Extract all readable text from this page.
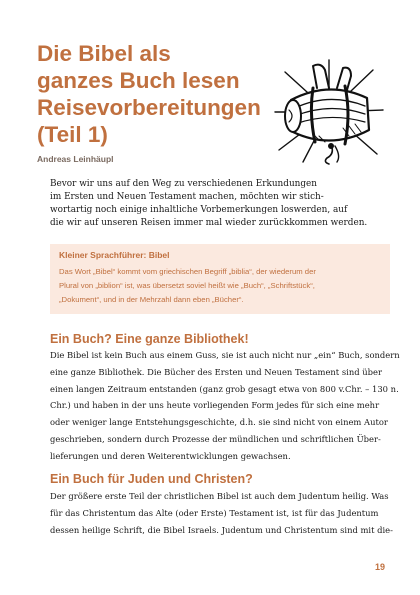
Die Bibel als
ganzes Buch lesen
Reisevorbereitungen
(Teil 1)

Andreas Leinhäupl

Bevor wir uns auf den Weg zu verschiedenen Erkundungen
im Ersten und Neuen Testament machen, möchten wir stich-
wortartig noch einige inhaltliche Vorbemerkungen loswerden, auf
die wir auf unseren Reisen immer mal wieder zurückkommen werden.

Kleiner Sprachführer: Bibel

Das Wort „Bibel“ kommt vom griechischen Begriff „biblia“, der wiederum der
Plural von „biblion“ ist, was übersetzt soviel heißt wie „Buch“, „Schriftstück“,
„Dokument“, und in der Mehrzahl dann eben „Bücher“.
Ein Buch? Eine ganze Bibliothek!
Die Bibel ist kein Buch aus einem Guss, sie ist auch nicht nur „ein“ Buch, sondern
eine ganze Bibliothek. Die Bücher des Ersten und Neuen Testament sind über
einen langen Zeitraum entstanden (ganz grob gesagt etwa von 800 v.Chr. – 130 n.
Chr.) und haben in der uns heute vorliegenden Form jedes für sich eine mehr
oder weniger lange Entstehungsgeschichte, d.h. sie sind nicht von einem Autor
geschrieben, sondern durch Prozesse der mündlichen und schriftlichen Über-
lieferungen und deren Weiterentwicklungen gewachsen.
Ein Buch für Juden und Christen?
Der größere erste Teil der christlichen Bibel ist auch dem Judentum heilig. Was
für das Christentum das Alte (oder Erste) Testament ist, ist für das Judentum
dessen heilige Schrift, die Bibel Israels. Judentum und Christentum sind mit die-

19
